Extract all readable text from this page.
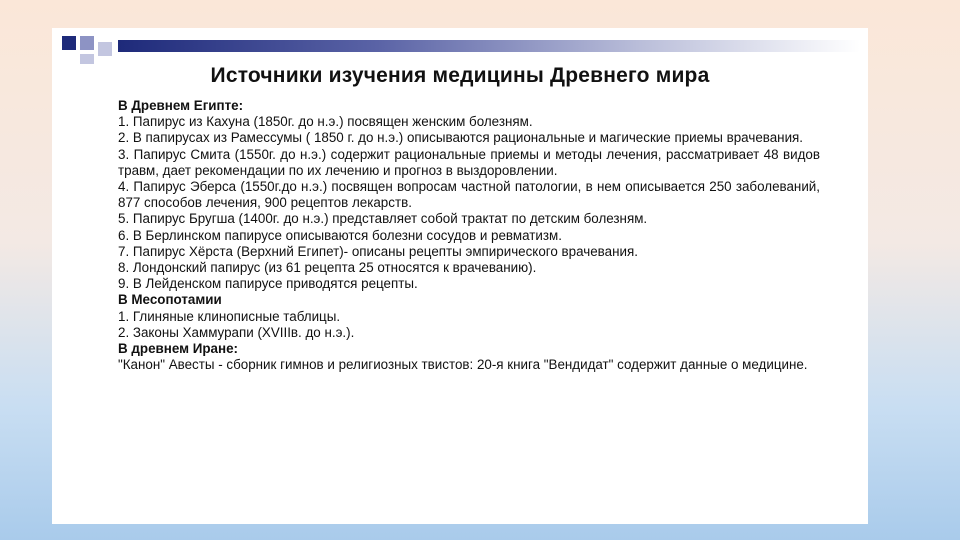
Источники изучения медицины Древнего мира
В Древнем Египте:
1. Папирус из Кахуна (1850г. до н.э.) посвящен женским болезням.
2. В папирусах из Рамессумы ( 1850 г. до н.э.) описываются рациональные и магические приемы врачевания.
3. Папирус Смита (1550г. до н.э.) содержит рациональные приемы и методы лечения, рассматривает 48 видов травм, дает рекомендации по их лечению и прогноз в выздоровлении.
4. Папирус Эберса (1550г.до н.э.) посвящен вопросам частной патологии, в нем описывается 250 заболеваний, 877 способов лечения, 900 рецептов лекарств.
5. Папирус Бругша (1400г. до н.э.) представляет собой трактат по детским болезням.
6. В Берлинском папирусе описываются болезни сосудов и ревматизм.
7. Папирус Хёрста (Верхний Египет)- описаны рецепты эмпирического врачевания.
8. Лондонский папирус (из 61 рецепта 25 относятся к врачеванию).
9. В Лейденском папирусе приводятся рецепты.
В Месопотамии
1. Глиняные клинописные таблицы.
2. Законы Хаммурапи (XVIIIв. до н.э.).
В древнем Иране:
"Канон" Авесты - сборник гимнов и религиозных твистов: 20-я книга "Вендидат" содержит данные о медицине.
